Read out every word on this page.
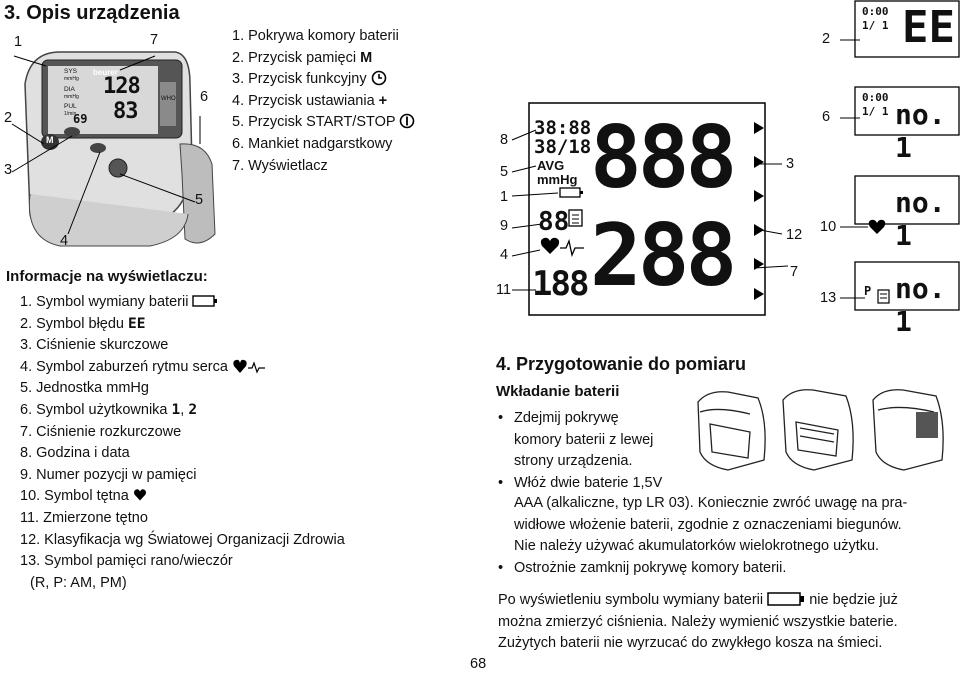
3. Opis urządzenia
beurer
SYS
mmHg
DIA
mmHg
PUL
1/min
WHO
128
83
69
M
1
2
3
4
5
6
7	1. Pokrywa komory baterii
2. Przycisk pamięci M
3. Przycisk funkcyjny
4. Przycisk ustawiania +
5. Przycisk START/STOP
6. Mankiet nadgarstkowy
7. Wyświetlacz
Informacje na wyświetlaczu:
1. Symbol wymiany baterii
2. Symbol błędu EE
3. Ciśnienie skurczowe
4. Symbol zaburzeń rytmu serca
5. Jednostka mmHg
6. Symbol użytkownika 1, 2
7. Ciśnienie rozkurczowe
8. Godzina i data
9. Numer pozycji w pamięci
10. Symbol tętna
11. Zmierzone tętno
12. Klasyfikacja wg Światowej Organizacji Zdrowia
13. Symbol pamięci rano/wieczór
(R, P: AM, PM)
38:88
38/18
AVG
mmHg
88
188
888
288
8
5
1
9
4
11
3
12
7
0:00
1/ 1 EE
0:00
1/ 1 no. 1
no. 1
P no. 1
2
6
10
13
4. Przygotowanie do pomiaru
Wkładanie baterii
• Zdejmij pokrywę
komory baterii z lewej
strony urządzenia.
• Włóż dwie baterie 1,5V
AAA (alkaliczne, typ LR 03). Koniecznie zwróć uwagę na pra-
widłowe włożenie baterii, zgodnie z oznaczeniami biegunów.
Nie należy używać akumulatorków wielokrotnego użytku.
• Ostrożnie zamknij pokrywę komory baterii.
Po wyświetleniu symbolu wymiany baterii	nie będzie już
można zmierzyć ciśnienia. Należy wymienić wszystkie baterie.
Zużytych baterii nie wyrzucać do zwykłego kosza na śmieci.
68
